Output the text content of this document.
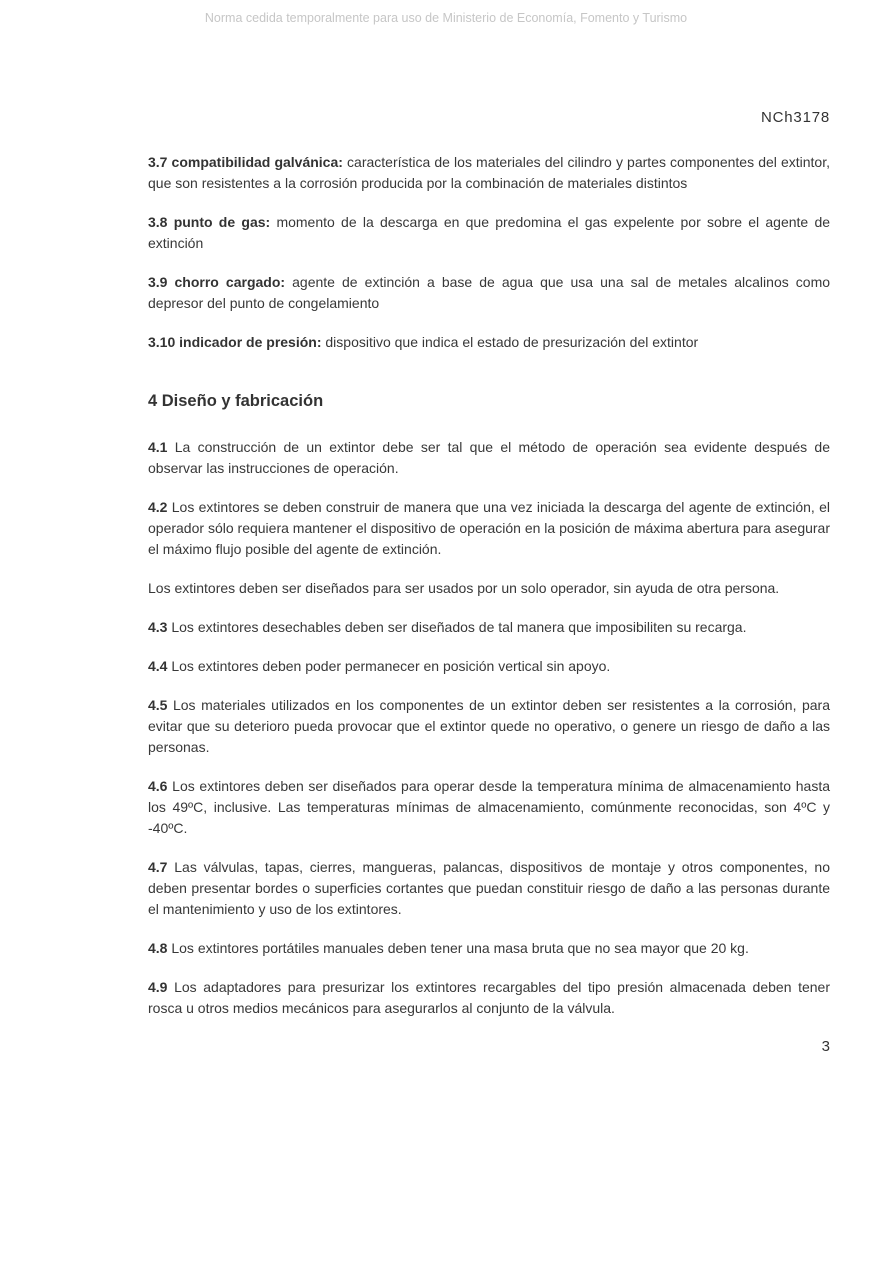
Norma cedida temporalmente para uso de Ministerio de Economía, Fomento y Turismo
NCh3178

3.7 compatibilidad galvánica: característica de los materiales del cilindro y partes componentes del extintor, que son resistentes a la corrosión producida por la combinación de materiales distintos

3.8 punto de gas: momento de la descarga en que predomina el gas expelente por sobre el agente de extinción

3.9 chorro cargado: agente de extinción a base de agua que usa una sal de metales alcalinos como depresor del punto de congelamiento

3.10 indicador de presión: dispositivo que indica el estado de presurización del extintor

4 Diseño y fabricación

4.1 La construcción de un extintor debe ser tal que el método de operación sea evidente después de observar las instrucciones de operación.

4.2 Los extintores se deben construir de manera que una vez iniciada la descarga del agente de extinción, el operador sólo requiera mantener el dispositivo de operación en la posición de máxima abertura para asegurar el máximo flujo posible del agente de extinción.

Los extintores deben ser diseñados para ser usados por un solo operador, sin ayuda de otra persona.

4.3 Los extintores desechables deben ser diseñados de tal manera que imposibiliten su recarga.

4.4 Los extintores deben poder permanecer en posición vertical sin apoyo.

4.5 Los materiales utilizados en los componentes de un extintor deben ser resistentes a la corrosión, para evitar que su deterioro pueda provocar que el extintor quede no operativo, o genere un riesgo de daño a las personas.

4.6 Los extintores deben ser diseñados para operar desde la temperatura mínima de almacenamiento hasta los 49ºC, inclusive. Las temperaturas mínimas de almacenamiento, comúnmente reconocidas, son 4ºC y -40ºC.

4.7 Las válvulas, tapas, cierres, mangueras, palancas, dispositivos de montaje y otros componentes, no deben presentar bordes o superficies cortantes que puedan constituir riesgo de daño a las personas durante el mantenimiento y uso de los extintores.

4.8 Los extintores portátiles manuales deben tener una masa bruta que no sea mayor que 20 kg.

4.9 Los adaptadores para presurizar los extintores recargables del tipo presión almacenada deben tener rosca u otros medios mecánicos para asegurarlos al conjunto de la válvula.

3
